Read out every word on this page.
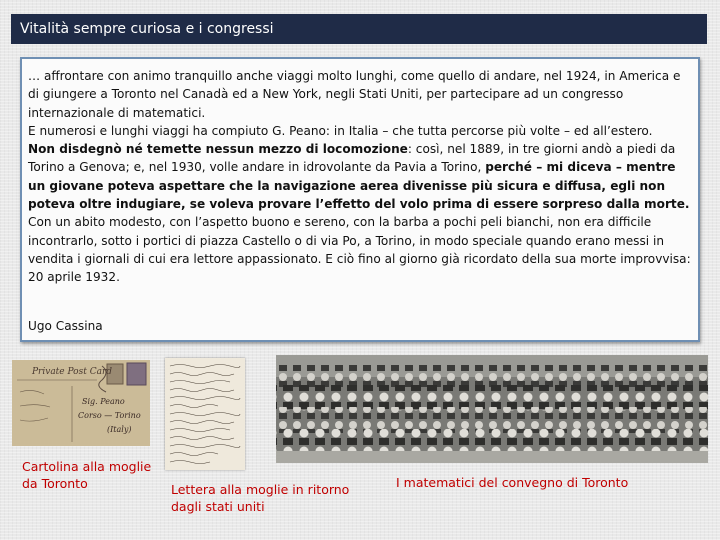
Vitalità sempre curiosa e i congressi

… affrontare con animo tranquillo anche viaggi molto lunghi, come quello di andare, nel 1924, in America e di giungere a Toronto nel Canadà ed a New York, negli Stati Uniti, per partecipare ad un congresso internazionale di matematici.

E numerosi e lunghi viaggi ha compiuto G. Peano: in Italia – che tutta percorse più volte – ed all’estero.

Non disdegnò né temette nessun mezzo di locomozione: così, nel 1889, in tre giorni andò a piedi da Torino a Genova; e, nel 1930, volle andare in idrovolante da Pavia a Torino, perché – mi diceva – mentre un giovane poteva aspettare che la navigazione aerea divenisse più sicura e diffusa, egli non poteva oltre indugiare, se voleva provare l’effetto del volo prima di essere sorpreso dalla morte.

Con un abito modesto, con l’aspetto buono e sereno, con la barba a pochi peli bianchi, non era difficile incontrarlo, sotto i portici di piazza Castello o di via Po, a Torino, in modo speciale quando erano messi in vendita i giornali di cui era lettore appassionato. E ciò fino al giorno già ricordato della sua morte improvvisa: 20 aprile 1932.

Ugo Cassina
Private Post Card
Sig. Peano
Corso — Torino
(Italy)
Cartolina alla moglie da Toronto	Lettera alla moglie in ritorno dagli stati uniti
I matematici del convegno di Toronto
